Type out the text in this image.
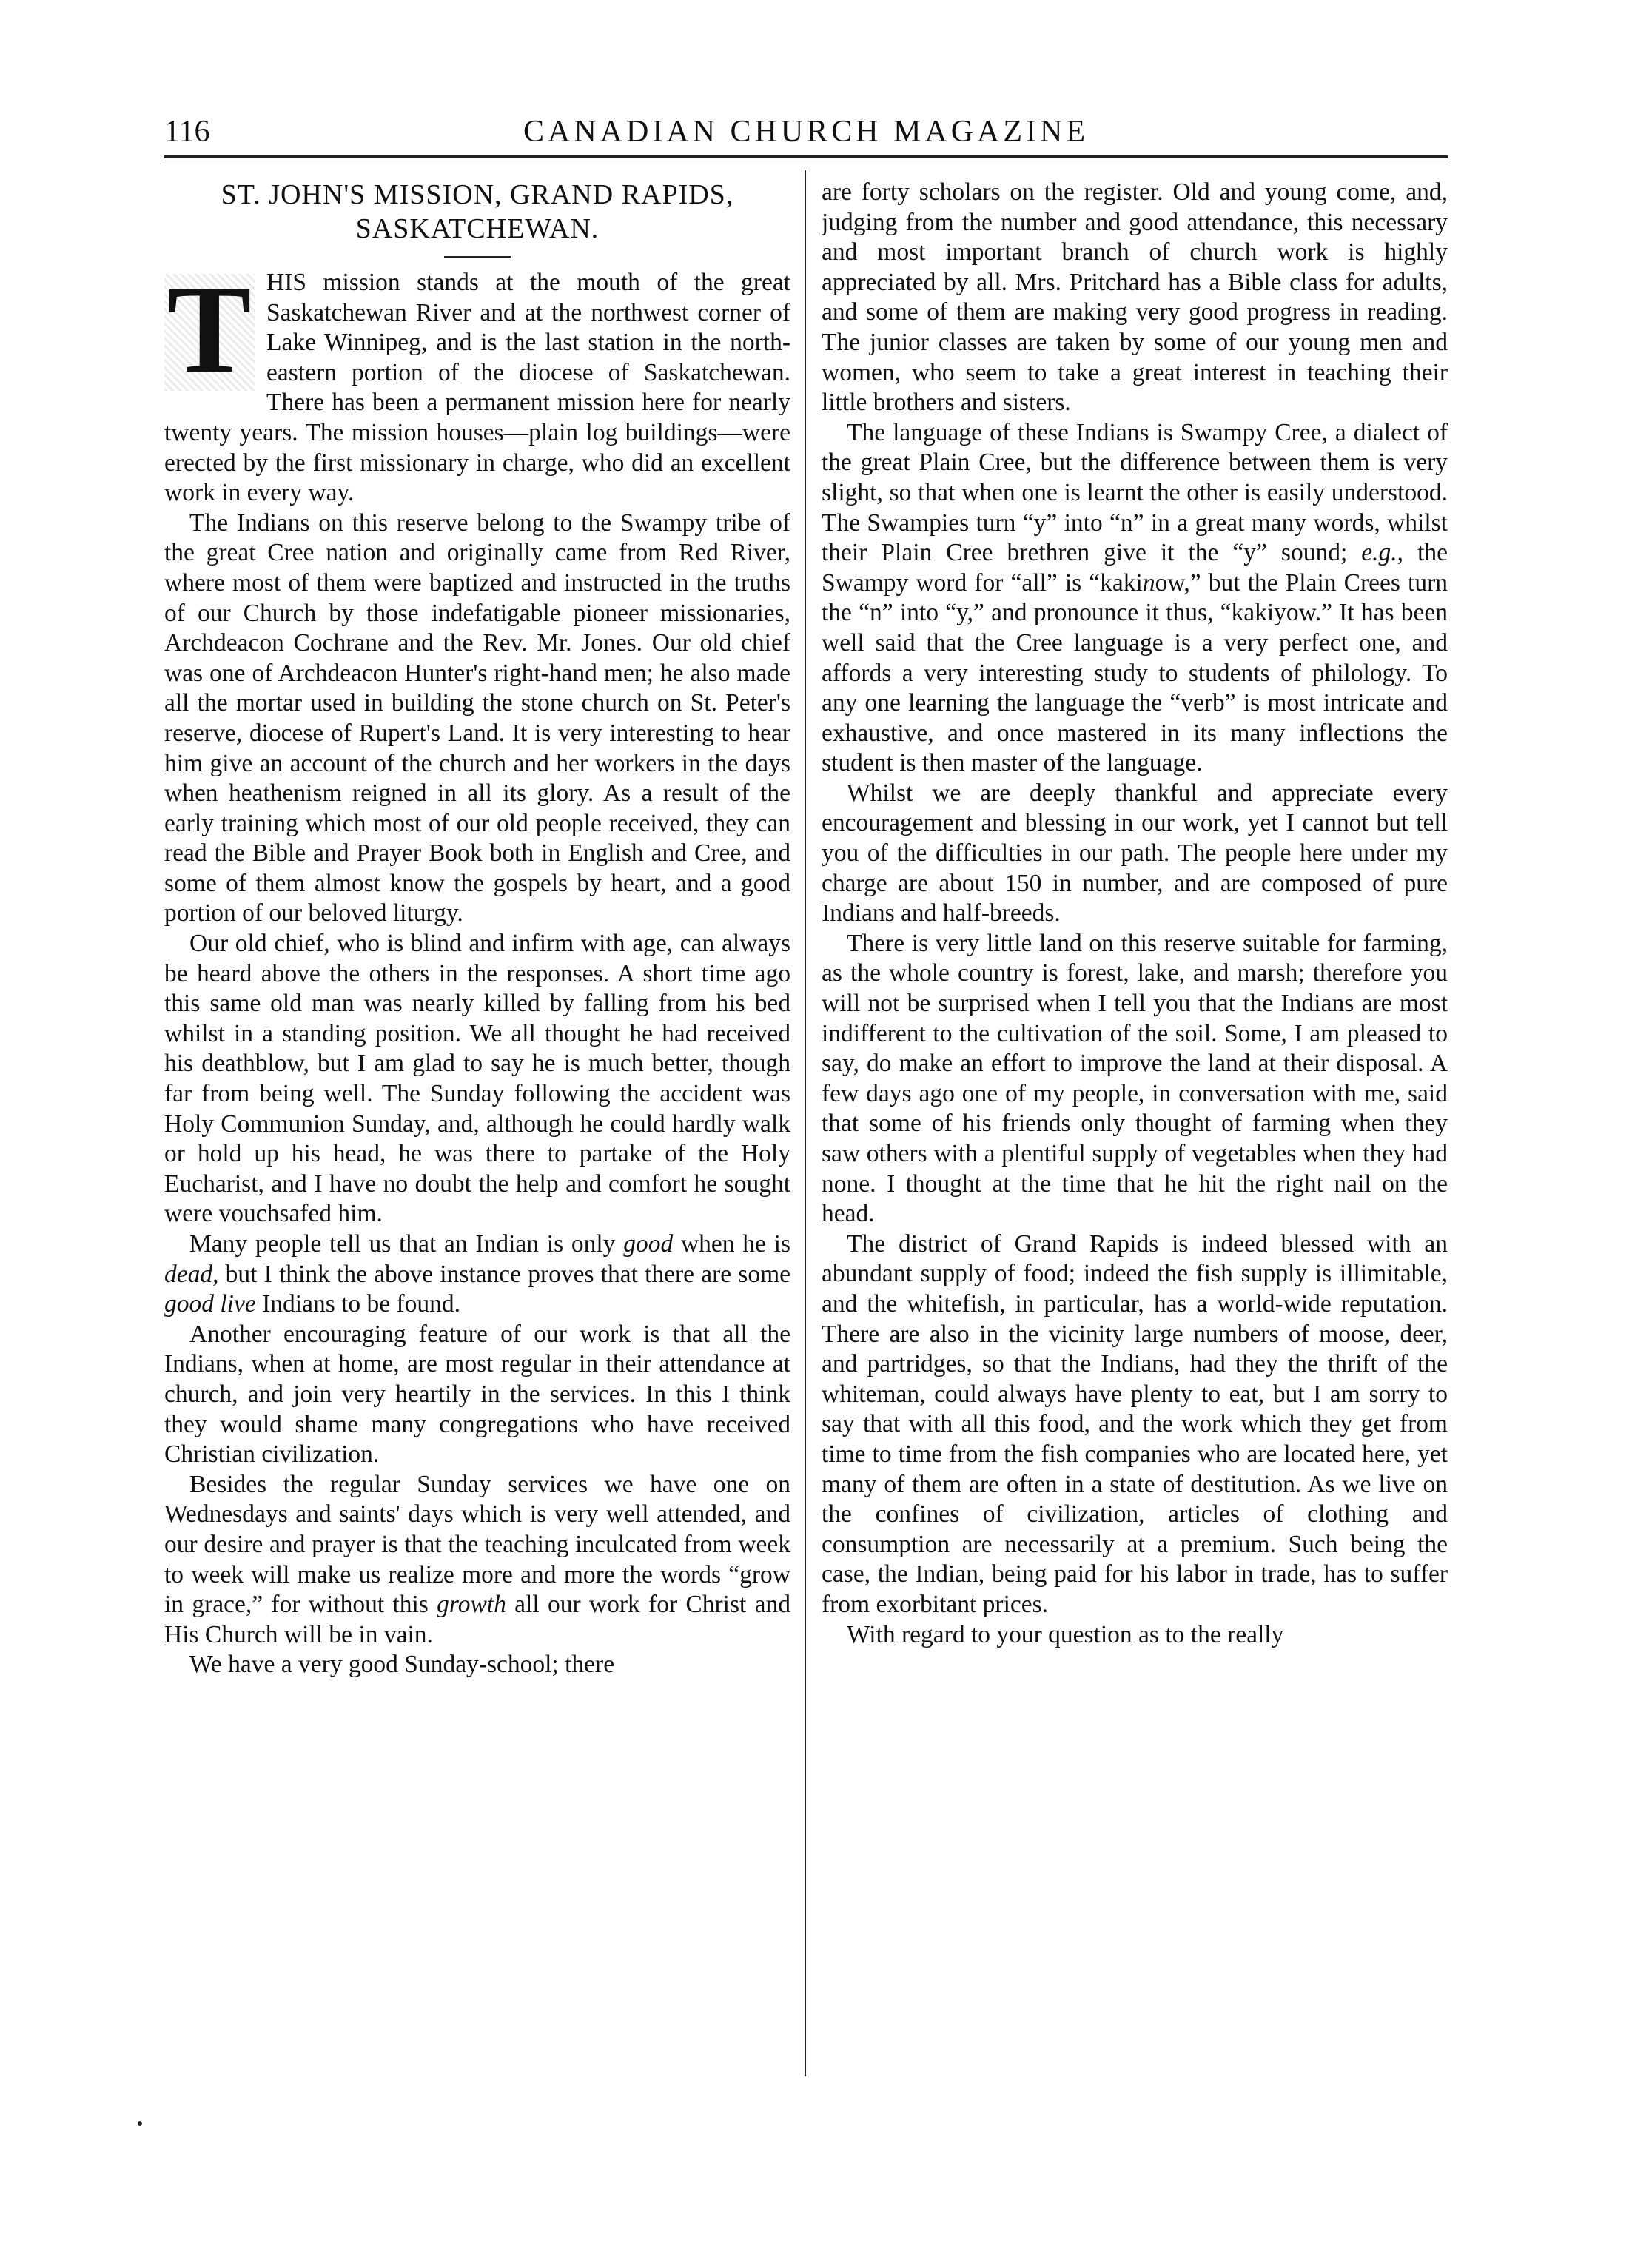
116	CANADIAN CHURCH MAGAZINE
ST. JOHN'S MISSION, GRAND RAPIDS, SASKATCHEWAN.
T HIS mission stands at the mouth of the great Saskatchewan River and at the northwest corner of Lake Winnipeg, and is the last station in the north-eastern portion of the diocese of Saskatchewan. There has been a permanent mission here for nearly twenty years. The mission houses—plain log buildings—were erected by the first missionary in charge, who did an excellent work in every way.

The Indians on this reserve belong to the Swampy tribe of the great Cree nation and originally came from Red River, where most of them were baptized and instructed in the truths of our Church by those indefatigable pioneer missionaries, Archdeacon Cochrane and the Rev. Mr. Jones. Our old chief was one of Archdeacon Hunter's right-hand men; he also made all the mortar used in building the stone church on St. Peter's reserve, diocese of Rupert's Land. It is very interesting to hear him give an account of the church and her workers in the days when heathenism reigned in all its glory. As a result of the early training which most of our old people received, they can read the Bible and Prayer Book both in English and Cree, and some of them almost know the gospels by heart, and a good portion of our beloved liturgy.

Our old chief, who is blind and infirm with age, can always be heard above the others in the responses. A short time ago this same old man was nearly killed by falling from his bed whilst in a standing position. We all thought he had received his deathblow, but I am glad to say he is much better, though far from being well. The Sunday following the accident was Holy Communion Sunday, and, although he could hardly walk or hold up his head, he was there to partake of the Holy Eucharist, and I have no doubt the help and comfort he sought were vouchsafed him.

Many people tell us that an Indian is only good when he is dead, but I think the above instance proves that there are some good live Indians to be found.

Another encouraging feature of our work is that all the Indians, when at home, are most regular in their attendance at church, and join very heartily in the services. In this I think they would shame many congregations who have received Christian civilization.

Besides the regular Sunday services we have one on Wednesdays and saints' days which is very well attended, and our desire and prayer is that the teaching inculcated from week to week will make us realize more and more the words “grow in grace,” for without this growth all our work for Christ and His Church will be in vain.

We have a very good Sunday-school; there

are forty scholars on the register. Old and young come, and, judging from the number and good attendance, this necessary and most important branch of church work is highly appreciated by all. Mrs. Pritchard has a Bible class for adults, and some of them are making very good progress in reading. The junior classes are taken by some of our young men and women, who seem to take a great interest in teaching their little brothers and sisters.

The language of these Indians is Swampy Cree, a dialect of the great Plain Cree, but the difference between them is very slight, so that when one is learnt the other is easily understood. The Swampies turn “y” into “n” in a great many words, whilst their Plain Cree brethren give it the “y” sound; e.g., the Swampy word for “all” is “kakinow,” but the Plain Crees turn the “n” into “y,” and pronounce it thus, “kakiyow.” It has been well said that the Cree language is a very perfect one, and affords a very interesting study to students of philology. To any one learning the language the “verb” is most intricate and exhaustive, and once mastered in its many inflections the student is then master of the language.

Whilst we are deeply thankful and appreciate every encouragement and blessing in our work, yet I cannot but tell you of the difficulties in our path. The people here under my charge are about 150 in number, and are composed of pure Indians and half-breeds.

There is very little land on this reserve suitable for farming, as the whole country is forest, lake, and marsh; therefore you will not be surprised when I tell you that the Indians are most indifferent to the cultivation of the soil. Some, I am pleased to say, do make an effort to improve the land at their disposal. A few days ago one of my people, in conversation with me, said that some of his friends only thought of farming when they saw others with a plentiful supply of vegetables when they had none. I thought at the time that he hit the right nail on the head.

The district of Grand Rapids is indeed blessed with an abundant supply of food; indeed the fish supply is illimitable, and the whitefish, in particular, has a world-wide reputation. There are also in the vicinity large numbers of moose, deer, and partridges, so that the Indians, had they the thrift of the whiteman, could always have plenty to eat, but I am sorry to say that with all this food, and the work which they get from time to time from the fish companies who are located here, yet many of them are often in a state of destitution. As we live on the confines of civilization, articles of clothing and consumption are necessarily at a premium. Such being the case, the Indian, being paid for his labor in trade, has to suffer from exorbitant prices.

With regard to your question as to the really
